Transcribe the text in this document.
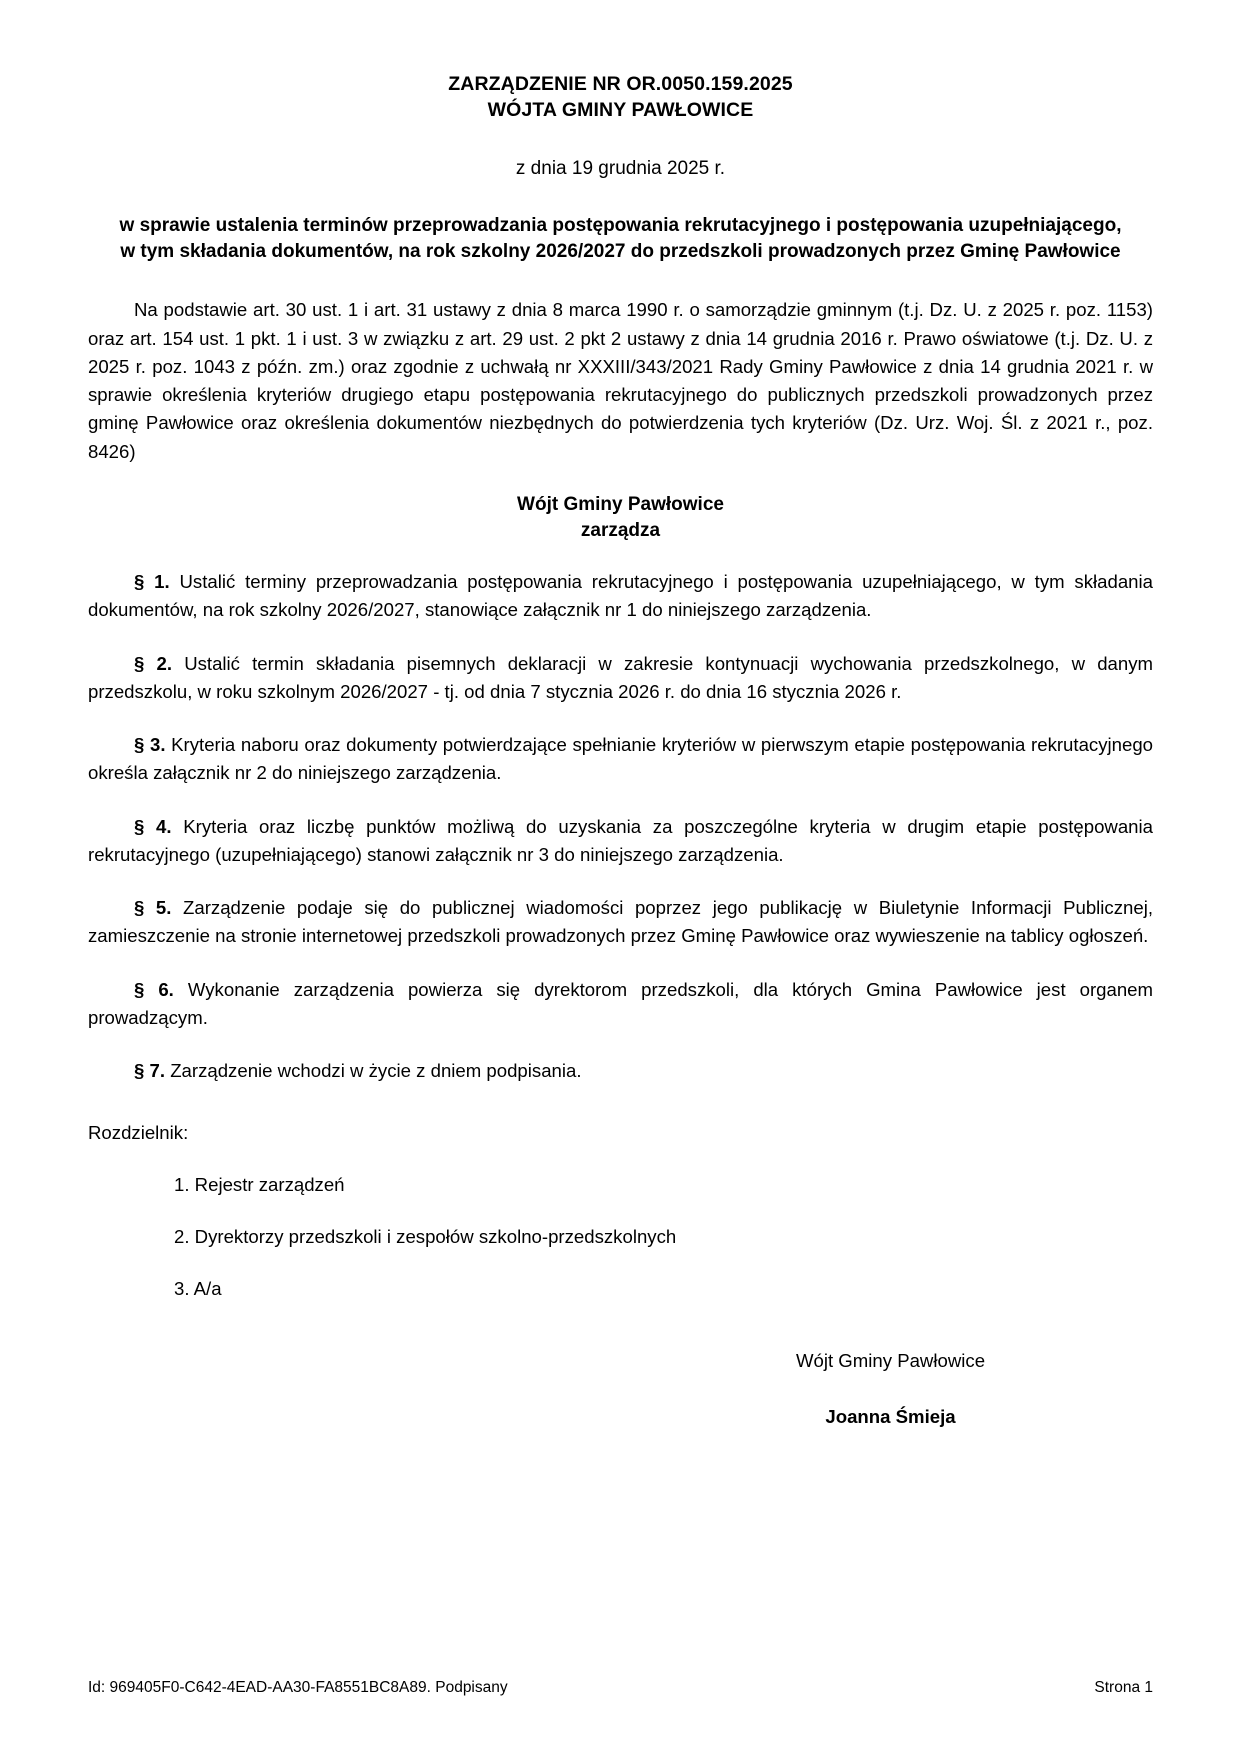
ZARZĄDZENIE NR OR.0050.159.2025
WÓJTA GMINY PAWŁOWICE
z dnia 19 grudnia 2025 r.
w sprawie ustalenia terminów przeprowadzania postępowania rekrutacyjnego i postępowania uzupełniającego, w tym składania dokumentów, na rok szkolny 2026/2027 do przedszkoli prowadzonych przez Gminę Pawłowice
Na podstawie art. 30 ust. 1 i art. 31 ustawy z dnia 8 marca 1990 r. o samorządzie gminnym (t.j. Dz. U. z 2025 r. poz. 1153) oraz art. 154 ust. 1 pkt. 1 i ust. 3 w związku z art. 29 ust. 2 pkt 2 ustawy z dnia 14 grudnia 2016 r. Prawo oświatowe (t.j. Dz. U. z 2025 r. poz. 1043 z późn. zm.) oraz zgodnie z uchwałą nr XXXIII/343/2021 Rady Gminy Pawłowice z dnia 14 grudnia 2021 r. w sprawie określenia kryteriów drugiego etapu postępowania rekrutacyjnego do publicznych przedszkoli prowadzonych przez gminę Pawłowice oraz określenia dokumentów niezbędnych do potwierdzenia tych kryteriów (Dz. Urz. Woj. Śl. z 2021 r., poz. 8426)
Wójt Gminy Pawłowice
zarządza

§ 1. Ustalić terminy przeprowadzania postępowania rekrutacyjnego i postępowania uzupełniającego, w tym składania dokumentów, na rok szkolny 2026/2027, stanowiące załącznik nr 1 do niniejszego zarządzenia.

§ 2. Ustalić termin składania pisemnych deklaracji w zakresie kontynuacji wychowania przedszkolnego, w danym przedszkolu, w roku szkolnym 2026/2027 - tj. od dnia 7 stycznia 2026 r. do dnia 16 stycznia 2026 r.

§ 3. Kryteria naboru oraz dokumenty potwierdzające spełnianie kryteriów w pierwszym etapie postępowania rekrutacyjnego określa załącznik nr 2 do niniejszego zarządzenia.

§ 4. Kryteria oraz liczbę punktów możliwą do uzyskania za poszczególne kryteria w drugim etapie postępowania rekrutacyjnego (uzupełniającego) stanowi załącznik nr 3 do niniejszego zarządzenia.

§ 5. Zarządzenie podaje się do publicznej wiadomości poprzez jego publikację w Biuletynie Informacji Publicznej, zamieszczenie na stronie internetowej przedszkoli prowadzonych przez Gminę Pawłowice oraz wywieszenie na tablicy ogłoszeń.

§ 6. Wykonanie zarządzenia powierza się dyrektorom przedszkoli, dla których Gmina Pawłowice jest organem prowadzącym.

§ 7. Zarządzenie wchodzi w życie z dniem podpisania.

Rozdzielnik:
1. Rejestr zarządzeń
2. Dyrektorzy przedszkoli i zespołów szkolno-przedszkolnych
3. A/a
Wójt Gminy Pawłowice
Joanna Śmieja
Id: 969405F0-C642-4EAD-AA30-FA8551BC8A89. Podpisany	Strona 1
